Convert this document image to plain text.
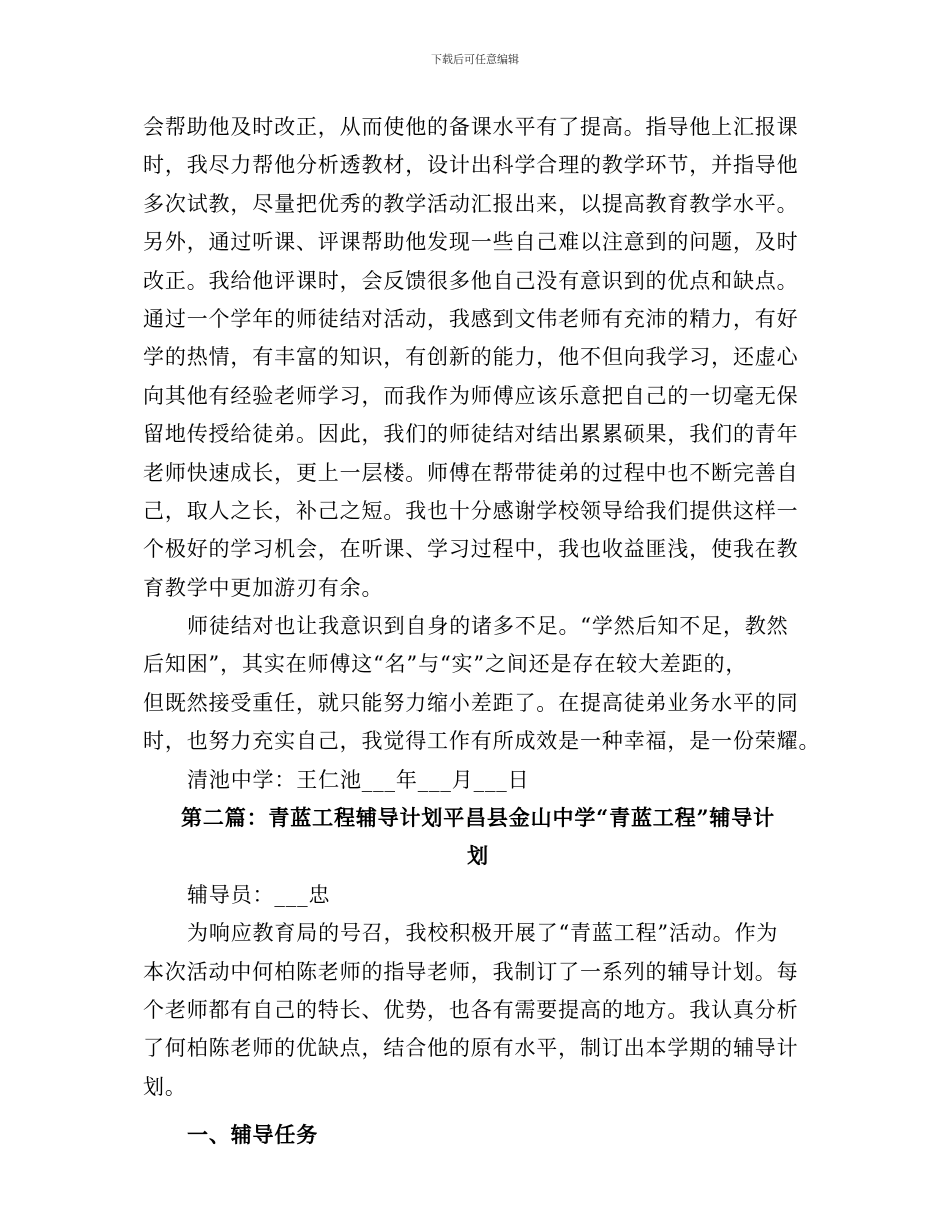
下载后可任意编辑
会帮助他及时改正，从而使他的备课水平有了提高。指导他上汇报课
时，我尽力帮他分析透教材，设计出科学合理的教学环节，并指导他
多次试教，尽量把优秀的教学活动汇报出来，以提高教育教学水平。
另外，通过听课、评课帮助他发现一些自己难以注意到的问题，及时
改正。我给他评课时，会反馈很多他自己没有意识到的优点和缺点。
通过一个学年的师徒结对活动，我感到文伟老师有充沛的精力，有好
学的热情，有丰富的知识，有创新的能力，他不但向我学习，还虚心
向其他有经验老师学习，而我作为师傅应该乐意把自己的一切毫无保
留地传授给徒弟。因此，我们的师徒结对结出累累硕果，我们的青年
老师快速成长，更上一层楼。师傅在帮带徒弟的过程中也不断完善自
己，取人之长，补己之短。我也十分感谢学校领导给我们提供这样一
个极好的学习机会，在听课、学习过程中，我也收益匪浅，使我在教
育教学中更加游刃有余。
师徒结对也让我意识到自身的诸多不足。“学然后知不足，教然
后知困”，其实在师傅这“名”与“实”之间还是存在较大差距的，
但既然接受重任，就只能努力缩小差距了。在提高徒弟业务水平的同
时，也努力充实自己，我觉得工作有所成效是一种幸福，是一份荣耀。
清池中学：王仁池___年___月___日
第二篇：青蓝工程辅导计划平昌县金山中学“青蓝工程”辅导计
划
辅导员：___忠
为响应教育局的号召，我校积极开展了“青蓝工程”活动。作为
本次活动中何柏陈老师的指导老师，我制订了一系列的辅导计划。每
个老师都有自己的特长、优势，也各有需要提高的地方。我认真分析
了何柏陈老师的优缺点，结合他的原有水平，制订出本学期的辅导计
划。
一、辅导任务
